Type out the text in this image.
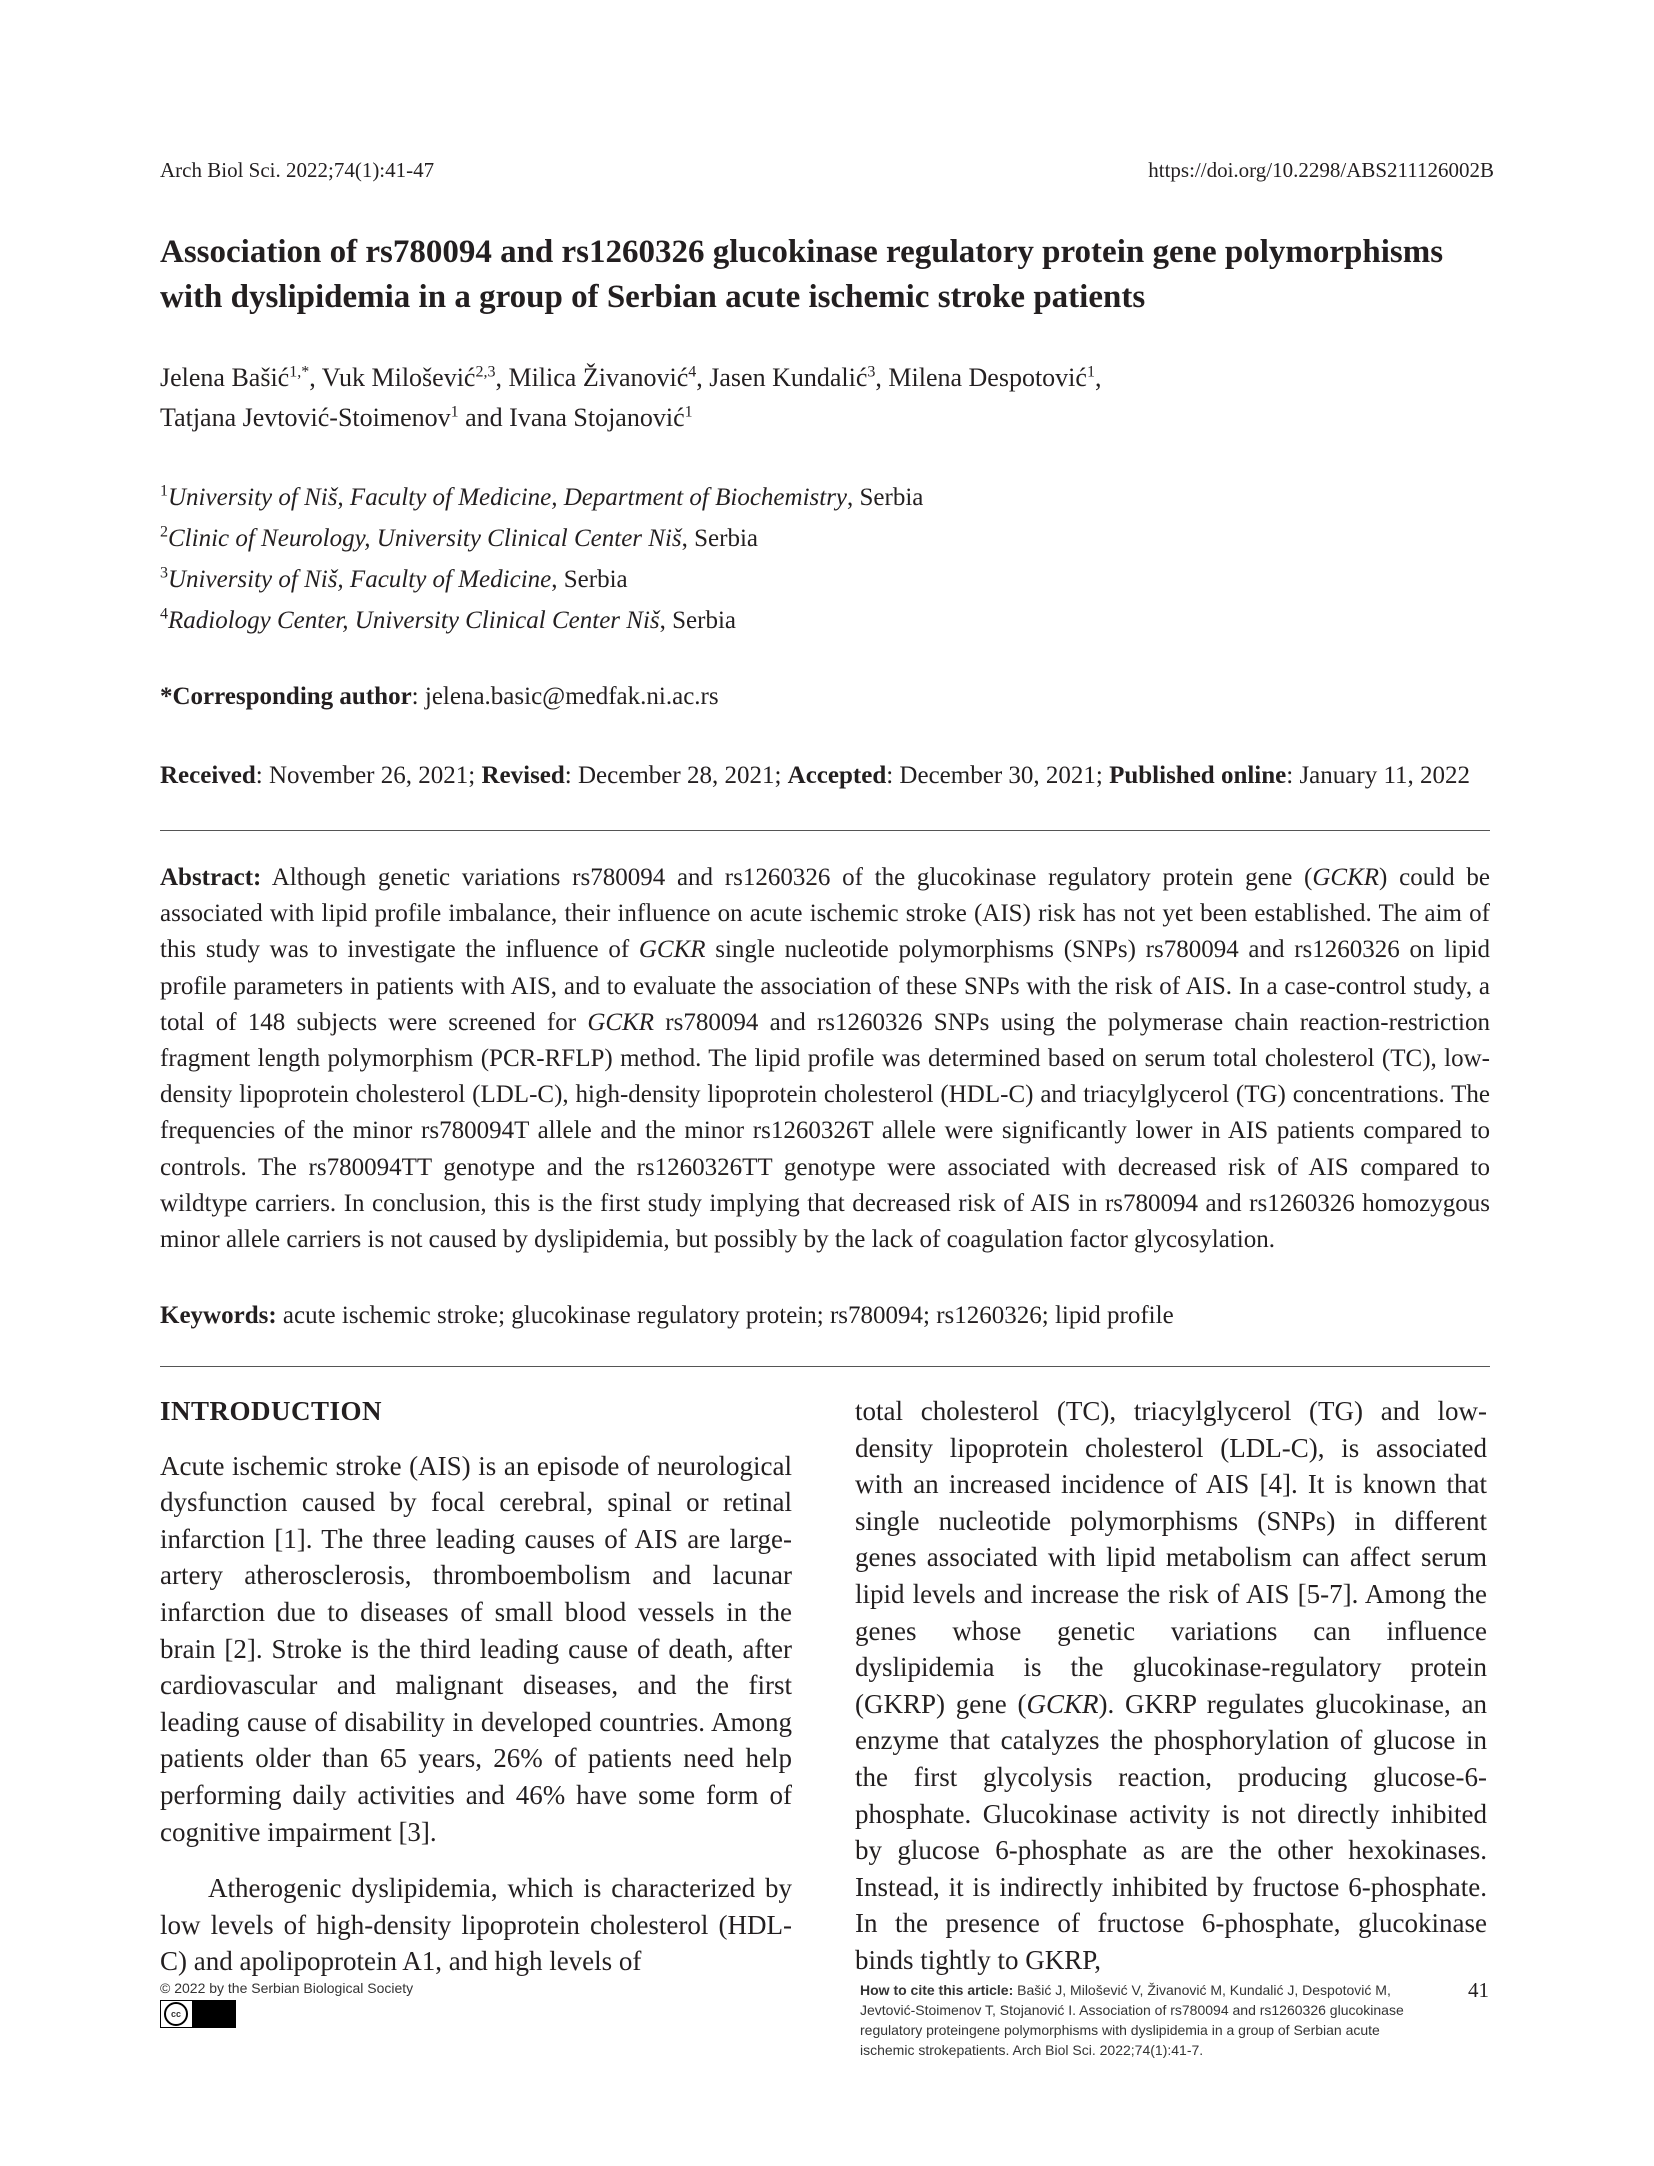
Arch Biol Sci. 2022;74(1):41-47	https://doi.org/10.2298/ABS211126002B
Association of rs780094 and rs1260326 glucokinase regulatory protein gene polymorphisms with dyslipidemia in a group of Serbian acute ischemic stroke patients
Jelena Bašić$^{1,*}$, Vuk Milošević$^{2,3}$, Milica Živanović$^4$, Jasen Kundalić$^3$, Milena Despotović$^1$,
Tatjana Jevtović-Stoimenov$^1$ and Ivana Stojanović$^1$
$^1$University of Niš, Faculty of Medicine, Department of Biochemistry, Serbia
$^2$Clinic of Neurology, University Clinical Center Niš, Serbia
$^3$University of Niš, Faculty of Medicine, Serbia
$^4$Radiology Center, University Clinical Center Niš, Serbia
*Corresponding author: jelena.basic@medfak.ni.ac.rs
Received: November 26, 2021; Revised: December 28, 2021; Accepted: December 30, 2021; Published online: January 11, 2022
Abstract: Although genetic variations rs780094 and rs1260326 of the glucokinase regulatory protein gene (GCKR) could be associated with lipid profile imbalance, their influence on acute ischemic stroke (AIS) risk has not yet been established. The aim of this study was to investigate the influence of GCKR single nucleotide polymorphisms (SNPs) rs780094 and rs1260326 on lipid profile parameters in patients with AIS, and to evaluate the association of these SNPs with the risk of AIS. In a case-control study, a total of 148 subjects were screened for GCKR rs780094 and rs1260326 SNPs using the polymerase chain reaction-restriction fragment length polymorphism (PCR-RFLP) method. The lipid profile was determined based on serum total cholesterol (TC), low-density lipoprotein cholesterol (LDL-C), high-density lipoprotein cholesterol (HDL-C) and triacylglycerol (TG) concentrations. The frequencies of the minor rs780094T allele and the minor rs1260326T allele were significantly lower in AIS patients compared to controls. The rs780094TT genotype and the rs1260326TT genotype were associated with decreased risk of AIS compared to wildtype carriers. In conclusion, this is the first study implying that decreased risk of AIS in rs780094 and rs1260326 homozygous minor allele carriers is not caused by dyslipidemia, but possibly by the lack of coagulation factor glycosylation.
Keywords: acute ischemic stroke; glucokinase regulatory protein; rs780094; rs1260326; lipid profile
INTRODUCTION

Acute ischemic stroke (AIS) is an episode of neurological dysfunction caused by focal cerebral, spinal or retinal infarction [1]. The three leading causes of AIS are large-artery atherosclerosis, thromboembolism and lacunar infarction due to diseases of small blood vessels in the brain [2]. Stroke is the third leading cause of death, after cardiovascular and malignant diseases, and the first leading cause of disability in developed countries. Among patients older than 65 years, 26% of patients need help performing daily activities and 46% have some form of cognitive impairment [3].

Atherogenic dyslipidemia, which is characterized by low levels of high-density lipoprotein cholesterol (HDL-C) and apolipoprotein A1, and high levels of

total cholesterol (TC), triacylglycerol (TG) and low-density lipoprotein cholesterol (LDL-C), is associated with an increased incidence of AIS [4]. It is known that single nucleotide polymorphisms (SNPs) in different genes associated with lipid metabolism can affect serum lipid levels and increase the risk of AIS [5-7]. Among the genes whose genetic variations can influence dyslipidemia is the glucokinase-regulatory protein (GKRP) gene (GCKR). GKRP regulates glucokinase, an enzyme that catalyzes the phosphorylation of glucose in the first glycolysis reaction, producing glucose-6-phosphate. Glucokinase activity is not directly inhibited by glucose 6-phosphate as are the other hexokinases. Instead, it is indirectly inhibited by fructose 6-phosphate. In the presence of fructose 6-phosphate, glucokinase binds tightly to GKRP,

© 2022 by the Serbian Biological Society
cc
How to cite this article: Bašić J, Milošević V, Živanović M, Kundalić J, Despotović M, Jevtović-Stoimenov T, Stojanović I. Association of rs780094 and rs1260326 glucokinase regulatory proteingene polymorphisms with dyslipidemia in a group of Serbian acute ischemic strokepatients. Arch Biol Sci. 2022;74(1):41-7.
41
